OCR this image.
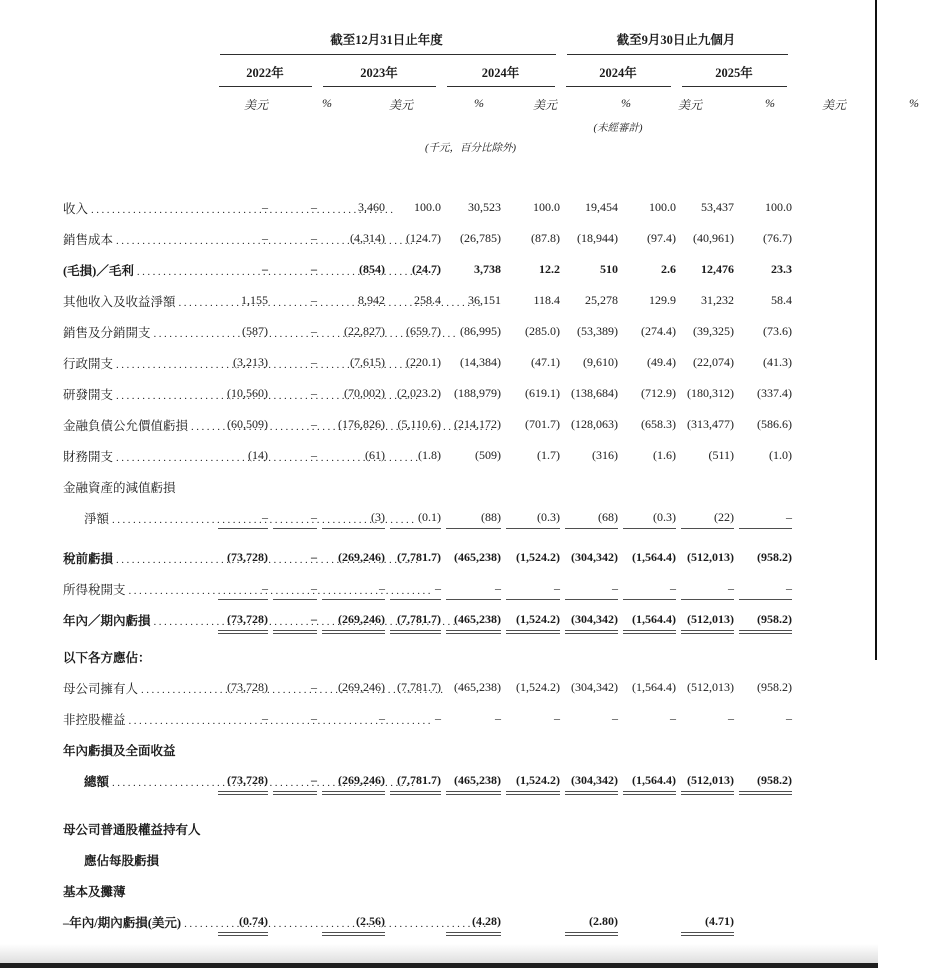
截至12月31日止年度	截至9月30日止九個月
2022年	2023年	2024年	2024年	2025年
美元	%	美元	%	美元	%	美元	%	美元	%
(未經審計)
(千元，百分比除外)
收入 .....	–	–	3,460	100.0	30,523	100.0	19,454	100.0	53,437	100.0
銷售成本 .....	–	–	(4,314)	(124.7)	(26,785)	(87.8)	(18,944)	(97.4)	(40,961)	(76.7)
(毛損)／毛利 .....	–	–	(854)	(24.7)	3,738	12.2	510	2.6	12,476	23.3
其他收入及收益淨額 .....	1,155	–	8,942	258.4	36,151	118.4	25,278	129.9	31,232	58.4
銷售及分銷開支 .....	(587)	–	(22,827)	(659.7)	(86,995)	(285.0)	(53,389)	(274.4)	(39,325)	(73.6)
行政開支 .....	(3,213)	–	(7,615)	(220.1)	(14,384)	(47.1)	(9,610)	(49.4)	(22,074)	(41.3)
研發開支 .....	(10,560)	–	(70,002)	(2,023.2)	(188,979)	(619.1) (138,684)	(712.9) (180,312)	(337.4)
金融負債公允價值虧損 .....	(60,509)	–	(176,826)	(5,110.6)	(214,172)	(701.7) (128,063)	(658.3) (313,477)	(586.6)
財務開支 .....	(14)	–	(61)	(1.8)	(509)	(1.7)	(316)	(1.6)	(511)	(1.0)
金融資產的減值虧損
淨額 .....	–	–	(3)	(0.1)	(88)	(0.3)	(68)	(0.3)	(22)	–
稅前虧損 .....	(73,728)	–	(269,246)	(7,781.7)	(465,238)	(1,524.2) (304,342)	(1,564.4) (512,013)	(958.2)
所得稅開支 .....	–	–	–	–	–	–	–	–	–	–
年內／期內虧損 .....	(73,728)	–	(269,246)	(7,781.7)	(465,238)	(1,524.2) (304,342)	(1,564.4) (512,013)	(958.2)
以下各方應佔：
母公司擁有人 .....	(73,728)	–	(269,246)	(7,781.7)	(465,238)	(1,524.2) (304,342)	(1,564.4) (512,013)	(958.2)
非控股權益 .....	–	–	–	–	–	–	–	–	–	–
年內虧損及全面收益
總額 .....	(73,728)	–	(269,246)	(7,781.7)	(465,238)	(1,524.2) (304,342)	(1,564.4) (512,013)	(958.2)
母公司普通股權益持有人
應佔每股虧損
基本及攤薄
–年內/期內虧損(美元) .....	(0.74)	(2.56)	(4.28)	(2.80)	(4.71)
